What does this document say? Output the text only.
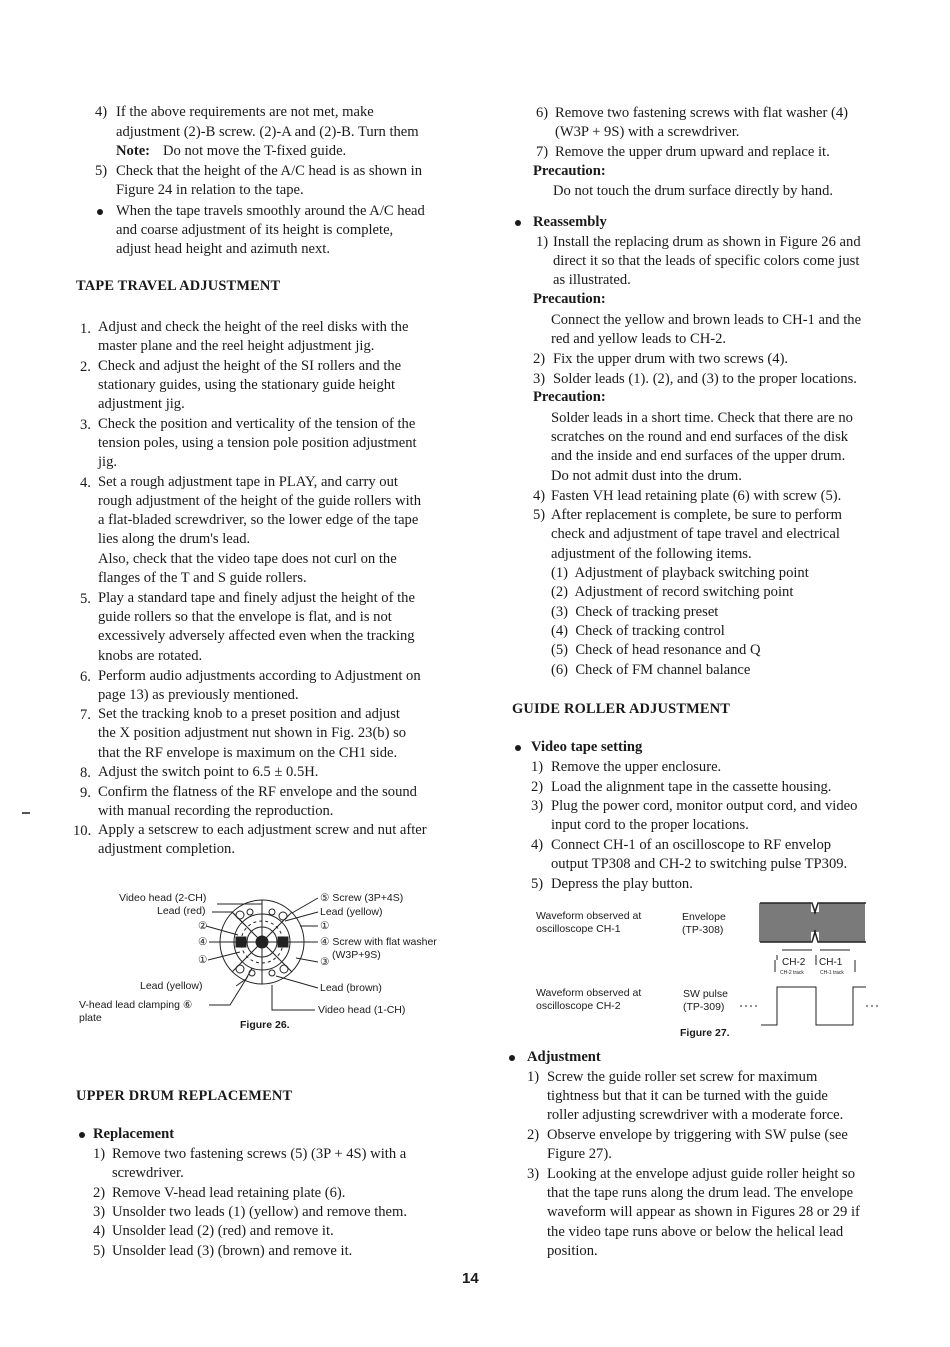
4) If the above requirements are not met, make
adjustment (2)-B screw. (2)-A and (2)-B. Turn them
Note: Do not move the T-fixed guide.
5) Check that the height of the A/C head is as shown in
Figure 24 in relation to the tape.
When the tape travels smoothly around the A/C head
and coarse adjustment of its height is complete,
adjust head height and azimuth next.
TAPE TRAVEL ADJUSTMENT
1. Adjust and check the height of the reel disks with the
master plane and the reel height adjustment jig.
2. Check and adjust the height of the SI rollers and the
stationary guides, using the stationary guide height
adjustment jig.
3. Check the position and verticality of the tension of the
tension poles, using a tension pole position adjustment
jig.
4. Set a rough adjustment tape in PLAY, and carry out
rough adjustment of the height of the guide rollers with
a flat-bladed screwdriver, so the lower edge of the tape
lies along the drum's lead.
Also, check that the video tape does not curl on the
flanges of the T and S guide rollers.
5. Play a standard tape and finely adjust the height of the
guide rollers so that the envelope is flat, and is not
excessively adversely affected even when the tracking
knobs are rotated.
6. Perform audio adjustments according to Adjustment on
page 13) as previously mentioned.
7. Set the tracking knob to a preset position and adjust
the X position adjustment nut shown in Fig. 23(b) so
that the RF envelope is maximum on the CH1 side.
8. Adjust the switch point to 6.5 ± 0.5H.
9. Confirm the flatness of the RF envelope and the sound
with manual recording the reproduction.
10. Apply a setscrew to each adjustment screw and nut after
adjustment completion.
Video head (2-CH)
Lead (red)
②
④
①
Lead (yellow)
V-head lead clamping ⑥
plate
⑤ Screw (3P+4S)
Lead (yellow)
①
④ Screw with flat washer
(W3P+9S)
③
Lead (brown)
Video head (1-CH)
Figure 26.
UPPER DRUM REPLACEMENT
Replacement
1) Remove two fastening screws (5) (3P + 4S) with a
screwdriver.
2) Remove V-head lead retaining plate (6).
3) Unsolder two leads (1) (yellow) and remove them.
4) Unsolder lead (2) (red) and remove it.
5) Unsolder lead (3) (brown) and remove it.
6) Remove two fastening screws with flat washer (4)
(W3P + 9S) with a screwdriver.
7) Remove the upper drum upward and replace it.
Precaution:
Do not touch the drum surface directly by hand.
Reassembly
1) Install the replacing drum as shown in Figure 26 and
direct it so that the leads of specific colors come just
as illustrated.
Precaution:
Connect the yellow and brown leads to CH-1 and the
red and yellow leads to CH-2.
2) Fix the upper drum with two screws (4).
3) Solder leads (1). (2), and (3) to the proper locations.
Precaution:
Solder leads in a short time. Check that there are no
scratches on the round and end surfaces of the disk
and the inside and end surfaces of the upper drum.
Do not admit dust into the drum.
4) Fasten VH lead retaining plate (6) with screw (5).
5) After replacement is complete, be sure to perform
check and adjustment of tape travel and electrical
adjustment of the following items.
(1)  Adjustment of playback switching point
(2)  Adjustment of record switching point
(3)  Check of tracking preset
(4)  Check of tracking control
(5)  Check of head resonance and Q
(6)  Check of FM channel balance
GUIDE ROLLER ADJUSTMENT
Video tape setting
1) Remove the upper enclosure.
2) Load the alignment tape in the cassette housing.
3) Plug the power cord, monitor output cord, and video
input cord to the proper locations.
4) Connect CH-1 of an oscilloscope to RF envelop
output TP308 and CH-2 to switching pulse TP309.
5) Depress the play button.
Waveform observed at
oscilloscope CH-1
Envelope
(TP-308)
Waveform observed at
oscilloscope CH-2
SW pulse
(TP-309)
CH-2 CH-1
CH-2 track	CH-1 track
Figure 27.
Adjustment
1) Screw the guide roller set screw for maximum
tightness but that it can be turned with the guide
roller adjusting screwdriver with a moderate force.
2) Observe envelope by triggering with SW pulse (see
Figure 27).
3) Looking at the envelope adjust guide roller height so
that the tape runs along the drum lead. The envelope
waveform will appear as shown in Figures 28 or 29 if
the video tape runs above or below the helical lead
position.
14
